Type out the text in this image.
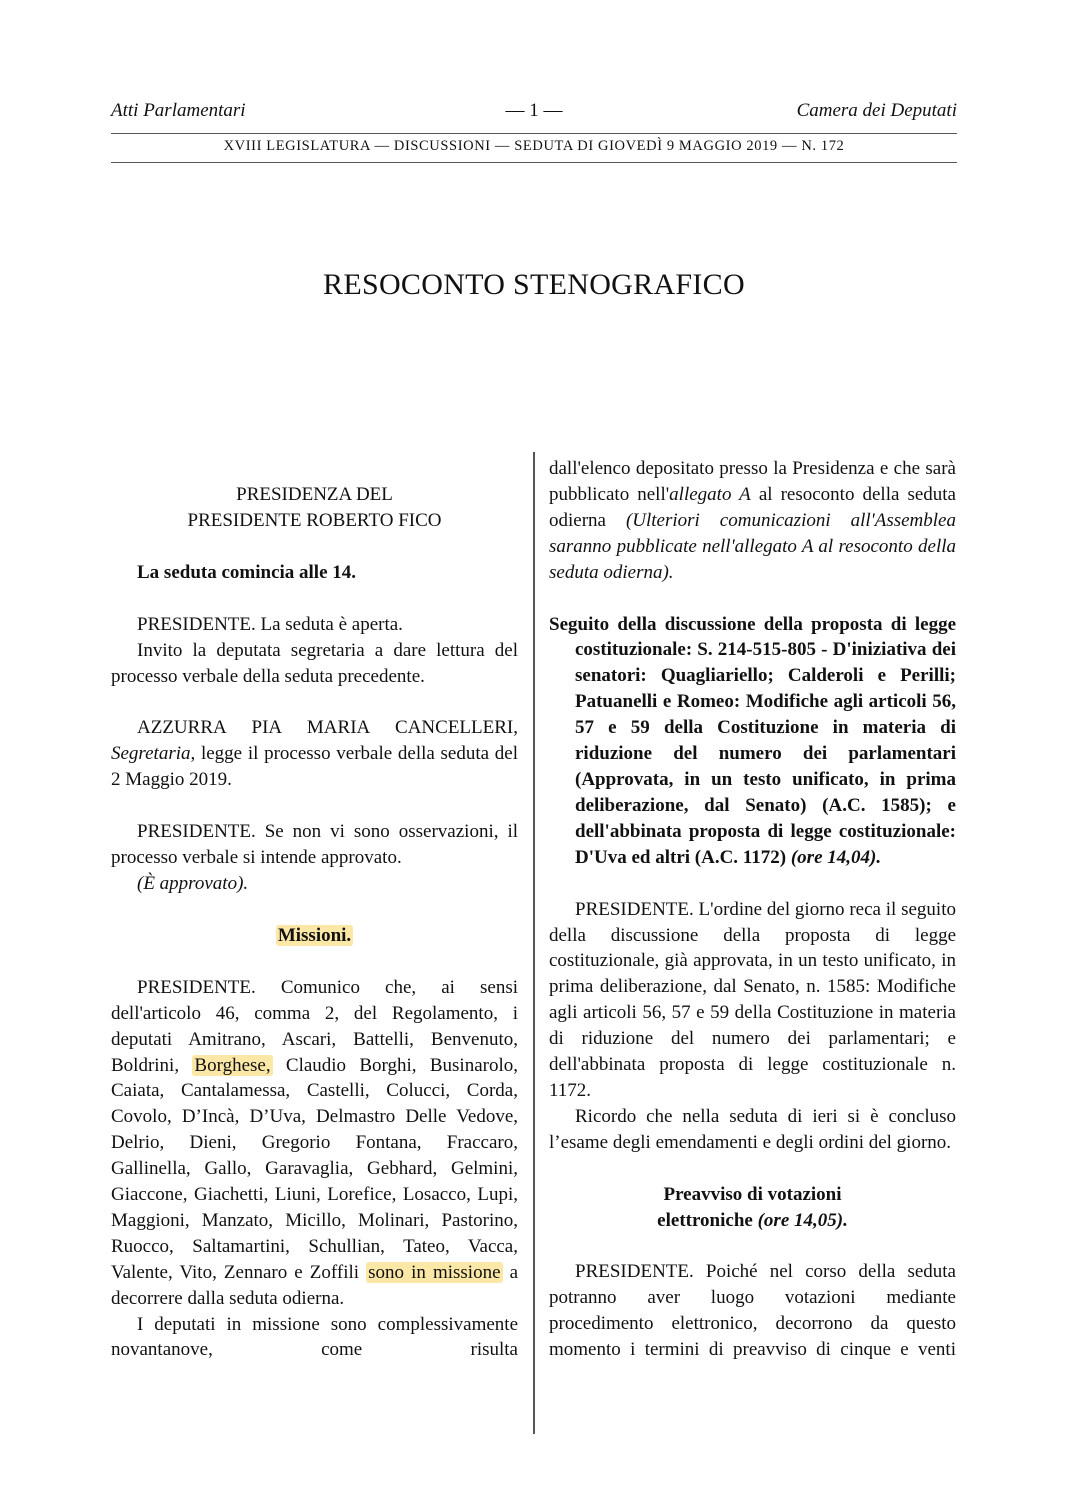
Atti Parlamentari	— 1 —	Camera dei Deputati
XVIII LEGISLATURA — DISCUSSIONI — SEDUTA DI GIOVEDÌ 9 MAGGIO 2019 — N. 172
RESOCONTO STENOGRAFICO

PRESIDENZA DEL

PRESIDENTE ROBERTO FICO

La seduta comincia alle 14.

PRESIDENTE. La seduta è aperta.

Invito la deputata segretaria a dare lettura del processo verbale della seduta precedente.

AZZURRA PIA MARIA CANCELLERI, Segretaria, legge il processo verbale della seduta del 2 Maggio 2019.

PRESIDENTE. Se non vi sono osservazioni, il processo verbale si intende approvato.

(È approvato).

Missioni.

PRESIDENTE. Comunico che, ai sensi dell'articolo 46, comma 2, del Regolamento, i deputati Amitrano, Ascari, Battelli, Benvenuto, Boldrini, Borghese, Claudio Borghi, Businarolo, Caiata, Cantalamessa, Castelli, Colucci, Corda, Covolo, D’Incà, D’Uva, Delmastro Delle Vedove, Delrio, Dieni, Gregorio Fontana, Fraccaro, Gallinella, Gallo, Garavaglia, Gebhard, Gelmini, Giaccone, Giachetti, Liuni, Lorefice, Losacco, Lupi, Maggioni, Manzato, Micillo, Molinari, Pastorino, Ruocco, Saltamartini, Schullian, Tateo, Vacca, Valente, Vito, Zennaro e Zoffili sono in missione a decorrere dalla seduta odierna.

I deputati in missione sono complessivamente novantanove, come risulta

dall'elenco depositato presso la Presidenza e che sarà pubblicato nell'allegato A al resoconto della seduta odierna (Ulteriori comunicazioni all'Assemblea saranno pubblicate nell'allegato A al resoconto della seduta odierna).

Seguito della discussione della proposta di legge costituzionale: S. 214-515-805 - D'iniziativa dei senatori: Quagliariello; Calderoli e Perilli; Patuanelli e Romeo: Modifiche agli articoli 56, 57 e 59 della Costituzione in materia di riduzione del numero dei parlamentari (Approvata, in un testo unificato, in prima deliberazione, dal Senato) (A.C. 1585); e dell'abbinata proposta di legge costituzionale: D'Uva ed altri (A.C. 1172) (ore 14,04).

PRESIDENTE. L'ordine del giorno reca il seguito della discussione della proposta di legge costituzionale, già approvata, in un testo unificato, in prima deliberazione, dal Senato, n. 1585: Modifiche agli articoli 56, 57 e 59 della Costituzione in materia di riduzione del numero dei parlamentari; e dell'abbinata proposta di legge costituzionale n. 1172.

Ricordo che nella seduta di ieri si è concluso l’esame degli emendamenti e degli ordini del giorno.

Preavviso di votazioni

elettroniche (ore 14,05).

PRESIDENTE. Poiché nel corso della seduta potranno aver luogo votazioni mediante procedimento elettronico, decorrono da questo momento i termini di preavviso di cinque e venti
